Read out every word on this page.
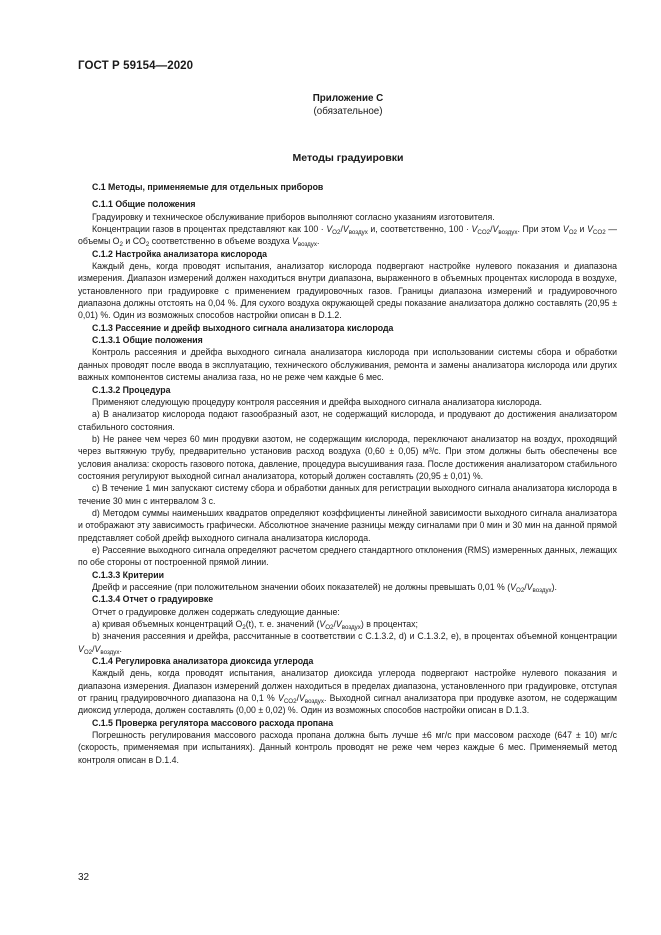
ГОСТ Р 59154—2020
Приложение С
(обязательное)
Методы градуировки

C.1 Методы, применяемые для отдельных приборов

С.1.1 Общие положения

Градуировку и техническое обслуживание приборов выполняют согласно указаниям изготовителя.

Концентрации газов в процентах представляют как $100 \cdot V_{O2}/V_{воздух}$ и, соответственно, $100 \cdot V_{CO2}/V_{воздух}$. При этом $V_{O2}$ и $V_{CO2}$ — объемы $O_2$ и $CO_2$ соответственно в объеме воздуха $V_{воздух}$.

С.1.2 Настройка анализатора кислорода

Каждый день, когда проводят испытания, анализатор кислорода подвергают настройке нулевого показания и диапазона измерения. Диапазон измерений должен находиться внутри диапазона, выраженного в объемных процентах кислорода в воздухе, установленного при градуировке с применением градуировочных газов. Границы диапазона измерений и градуировочного диапазона должны отстоять на 0,04 %. Для сухого воздуха окружающей среды показание анализатора должно составлять (20,95 ± 0,01) %. Один из возможных способов настройки описан в D.1.2.

С.1.3 Рассеяние и дрейф выходного сигнала анализатора кислорода

С.1.3.1 Общие положения

Контроль рассеяния и дрейфа выходного сигнала анализатора кислорода при использовании системы сбора и обработки данных проводят после ввода в эксплуатацию, технического обслуживания, ремонта и замены анализатора кислорода или других важных компонентов системы анализа газа, но не реже чем каждые 6 мес.

С.1.3.2 Процедура

Применяют следующую процедуру контроля рассеяния и дрейфа выходного сигнала анализатора кислорода.

а) В анализатор кислорода подают газообразный азот, не содержащий кислорода, и продувают до достижения анализатором стабильного состояния.

b) Не ранее чем через 60 мин продувки азотом, не содержащим кислорода, переключают анализатор на воздух, проходящий через вытяжную трубу, предварительно установив расход воздуха (0,60 ± 0,05) м³/с. При этом должны быть обеспечены все условия анализа: скорость газового потока, давление, процедура высушивания газа. После достижения анализатором стабильного состояния регулируют выходной сигнал анализатора, который должен составлять (20,95 ± 0,01) %.

с) В течение 1 мин запускают систему сбора и обработки данных для регистрации выходного сигнала анализатора кислорода в течение 30 мин с интервалом 3 с.

d) Методом суммы наименьших квадратов определяют коэффициенты линейной зависимости выходного сигнала анализатора и отображают эту зависимость графически. Абсолютное значение разницы между сигналами при 0 мин и 30 мин на данной прямой представляет собой дрейф выходного сигнала анализатора кислорода.

е) Рассеяние выходного сигнала определяют расчетом среднего стандартного отклонения (RMS) измеренных данных, лежащих по обе стороны от построенной прямой линии.

С.1.3.3 Критерии

Дрейф и рассеяние (при положительном значении обоих показателей) не должны превышать 0,01 % $(V_{O2}/V_{воздух})$.

С.1.3.4 Отчет о градуировке

Отчет о градуировке должен содержать следующие данные:

а) кривая объемных концентраций $O_2(t)$, т. е. значений $(V_{O2}/V_{воздух})$ в процентах;

b) значения рассеяния и дрейфа, рассчитанные в соответствии с С.1.3.2, d) и С.1.3.2, е), в процентах объемной концентрации $V_{O2}/V_{воздух}$.

С.1.4 Регулировка анализатора диоксида углерода

Каждый день, когда проводят испытания, анализатор диоксида углерода подвергают настройке нулевого показания и диапазона измерения. Диапазон измерений должен находиться в пределах диапазона, установленного при градуировке, отступая от границ градуировочного диапазона на 0,1 % $V_{CO2}/V_{воздух}$. Выходной сигнал анализатора при продувке азотом, не содержащим диоксид углерода, должен составлять (0,00 ± 0,02) %. Один из возможных способов настройки описан в D.1.3.

С.1.5 Проверка регулятора массового расхода пропана

Погрешность регулирования массового расхода пропана должна быть лучше ±6 мг/с при массовом расходе (647 ± 10) мг/с (скорость, применяемая при испытаниях). Данный контроль проводят не реже чем через каждые 6 мес. Применяемый метод контроля описан в D.1.4.

32
